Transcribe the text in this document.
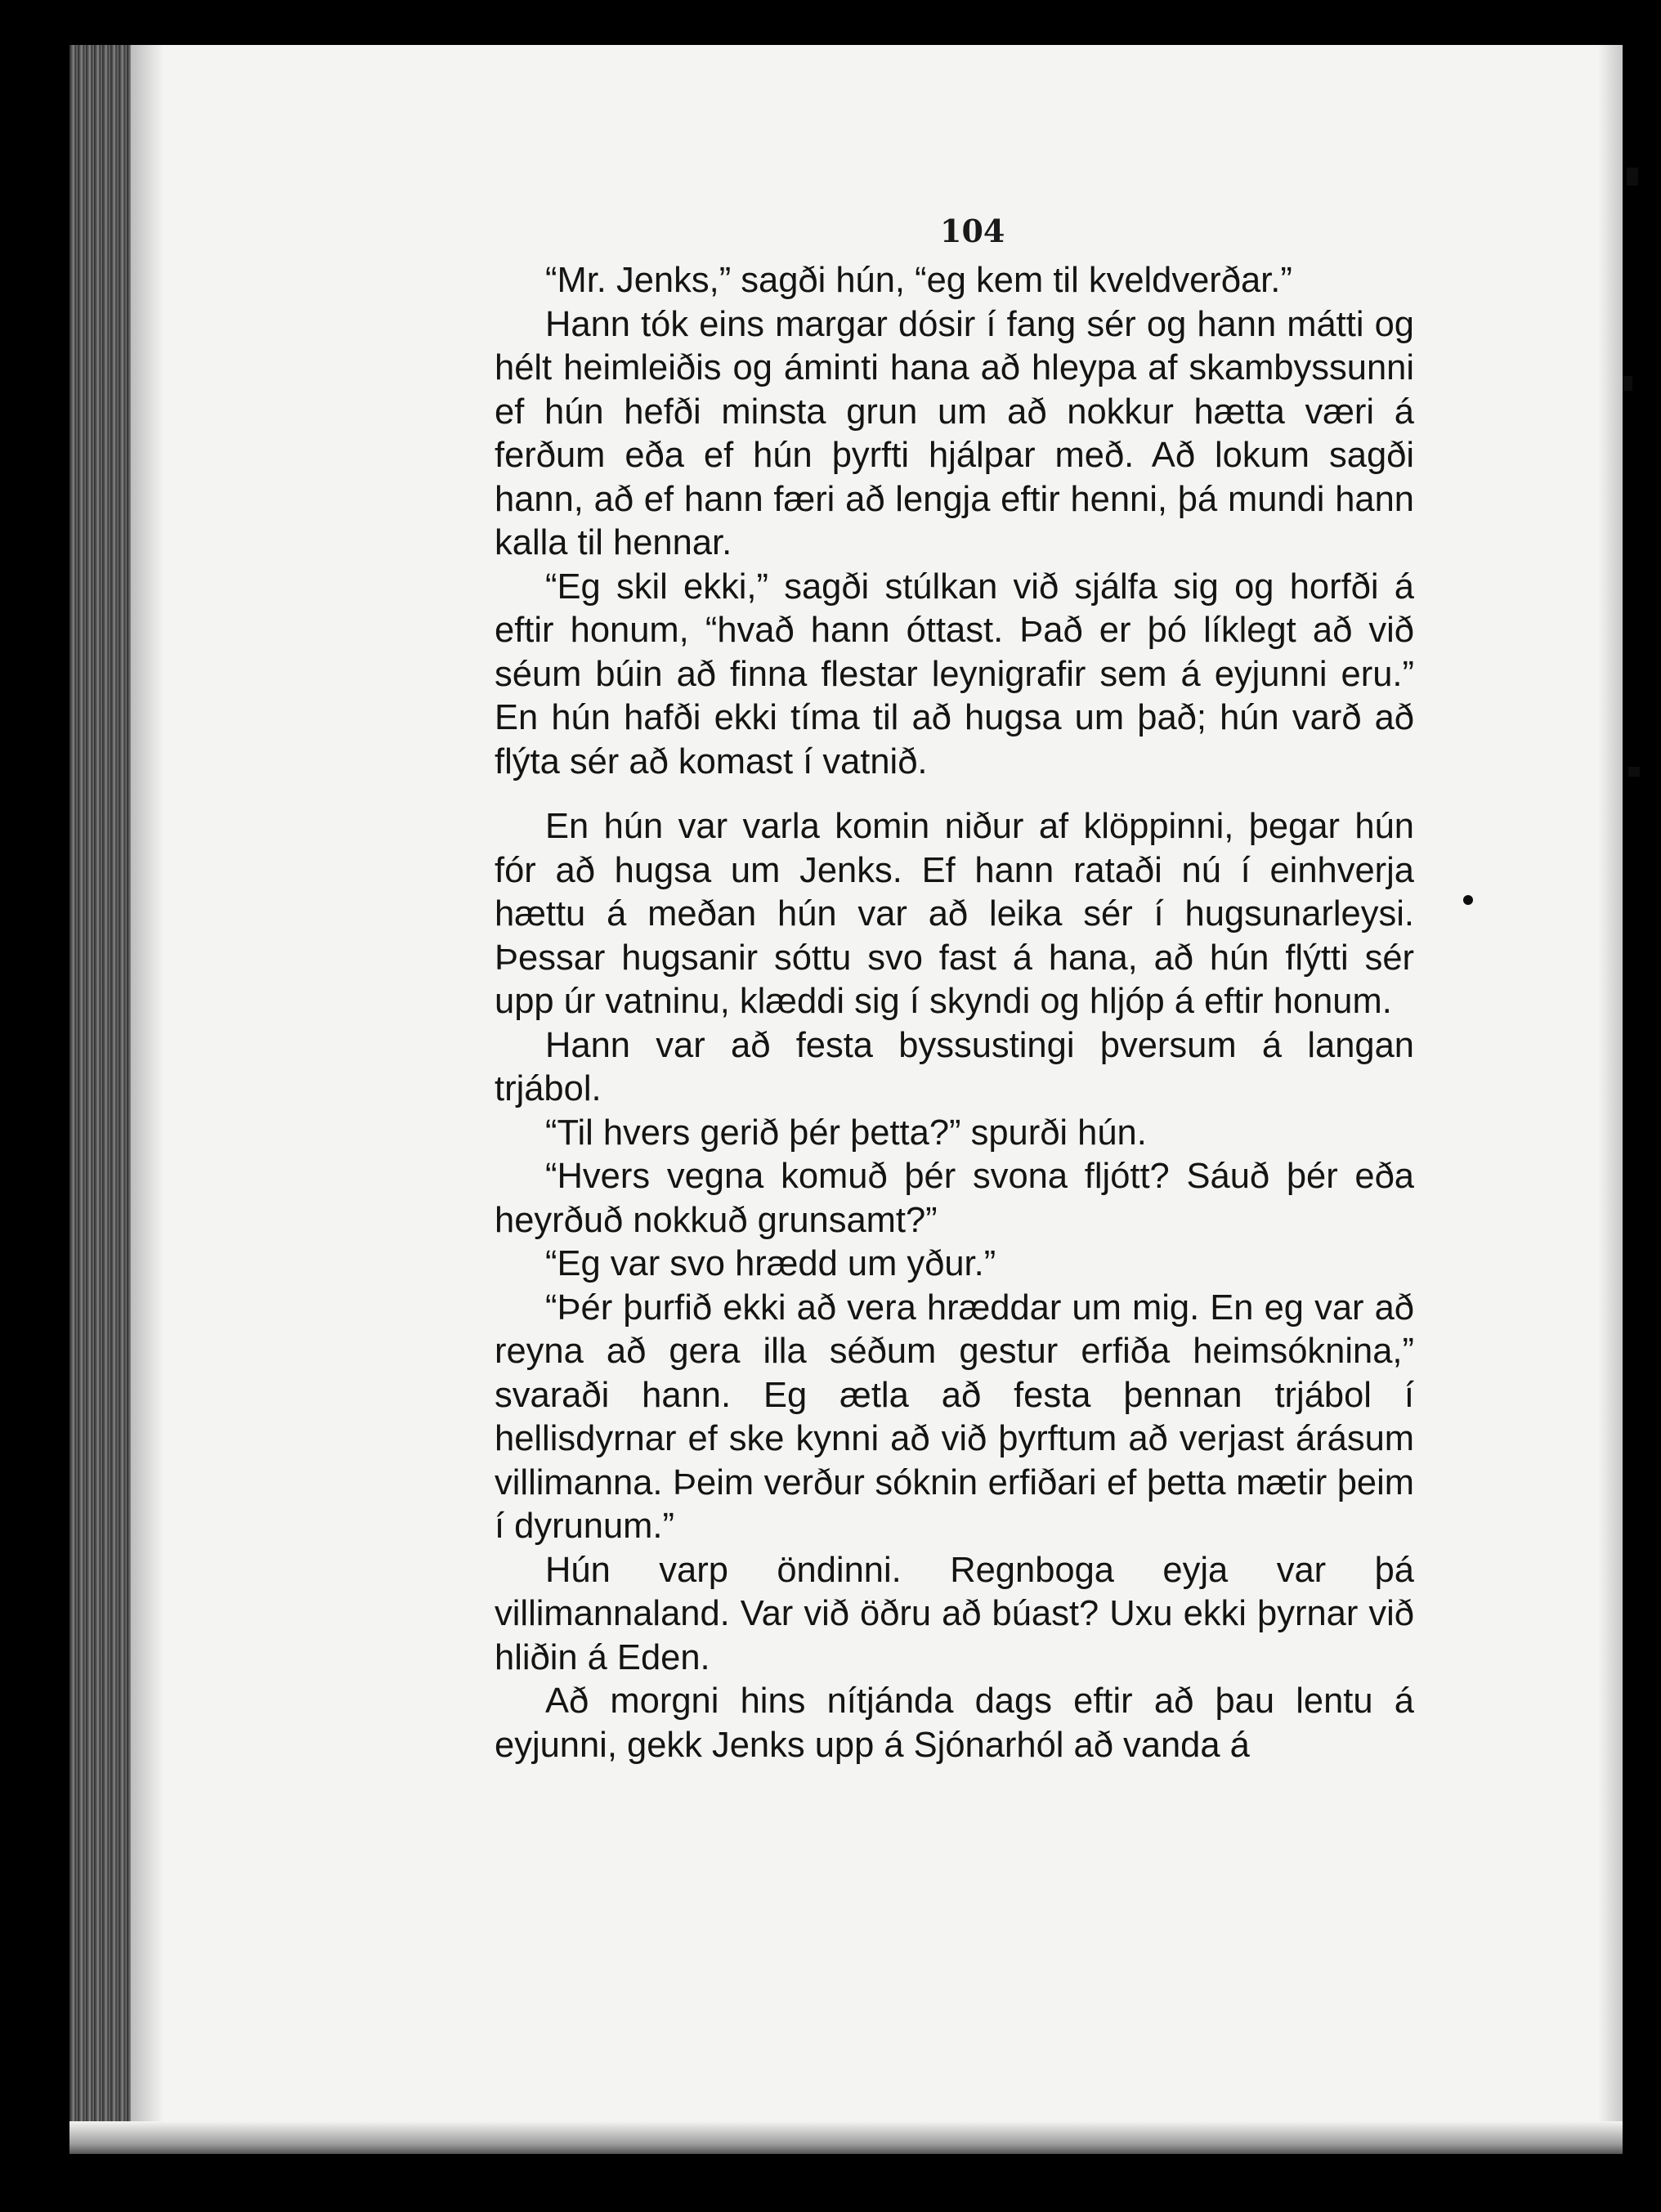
104

“Mr. Jenks,” sagði hún, “eg kem til kveldverðar.”

Hann tók eins margar dósir í fang sér og hann mátti og hélt heimleiðis og áminti hana að hleypa af skambyssunni ef hún hefði minsta grun um að nokkur hætta væri á ferðum eða ef hún þyrfti hjálpar með. Að lokum sagði hann, að ef hann færi að lengja eftir henni, þá mundi hann kalla til hennar.

“Eg skil ekki,” sagði stúlkan við sjálfa sig og horfði á eftir honum, “hvað hann óttast. Það er þó líklegt að við séum búin að finna flestar leynigrafir sem á eyjunni eru.” En hún hafði ekki tíma til að hugsa um það; hún varð að flýta sér að komast í vatnið.

En hún var varla komin niður af klöppinni, þegar hún fór að hugsa um Jenks. Ef hann rataði nú í einhverja hættu á meðan hún var að leika sér í hugsunarleysi. Þessar hugsanir sóttu svo fast á hana, að hún flýtti sér upp úr vatninu, klæddi sig í skyndi og hljóp á eftir honum.

Hann var að festa byssustingi þversum á langan trjábol.

“Til hvers gerið þér þetta?” spurði hún.

“Hvers vegna komuð þér svona fljótt? Sáuð þér eða heyrðuð nokkuð grunsamt?”

“Eg var svo hrædd um yður.”

“Þér þurfið ekki að vera hræddar um mig. En eg var að reyna að gera illa séðum gestur erfiða heimsóknina,” svaraði hann. Eg ætla að festa þennan trjábol í hellisdyrnar ef ske kynni að við þyrftum að verjast árásum villimanna. Þeim verður sóknin erfiðari ef þetta mætir þeim í dyrunum.”

Hún varp öndinni. Regnboga eyja var þá villimannaland. Var við öðru að búast? Uxu ekki þyrnar við hliðin á Eden.

Að morgni hins nítjánda dags eftir að þau lentu á eyjunni, gekk Jenks upp á Sjónarhól að vanda á
